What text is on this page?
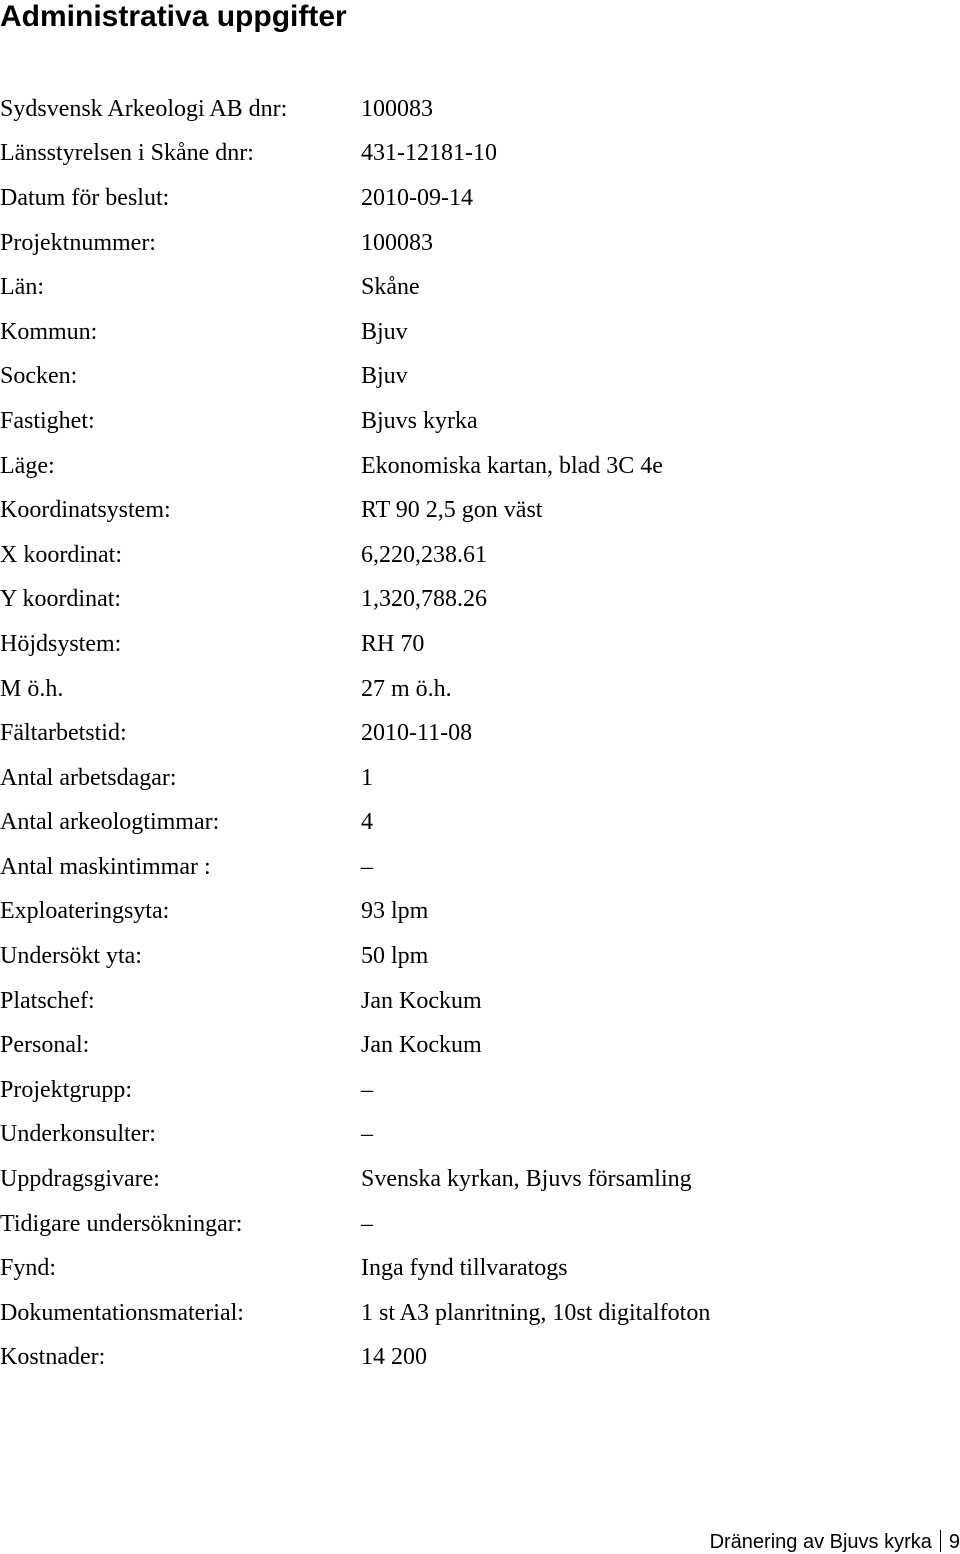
Administrativa uppgifter
Sydsvensk Arkeologi AB dnr:	100083
Länsstyrelsen i Skåne dnr:	431-12181-10
Datum för beslut:	2010-09-14
Projektnummer:	100083
Län:	Skåne
Kommun:	Bjuv
Socken:	Bjuv
Fastighet:	Bjuvs kyrka
Läge:	Ekonomiska kartan, blad 3C 4e
Koordinatsystem:	RT 90 2,5 gon väst
X koordinat:	6,220,238.61
Y koordinat:	1,320,788.26
Höjdsystem:	RH 70
M ö.h.	27 m ö.h.
Fältarbetstid:	2010-11-08
Antal arbetsdagar:	1
Antal arkeologtimmar:	4
Antal maskintimmar :	–
Exploateringsyta:	93 lpm
Undersökt yta:	50 lpm
Platschef:	Jan Kockum
Personal:	Jan Kockum
Projektgrupp:	–
Underkonsulter:	–
Uppdragsgivare:	Svenska kyrkan, Bjuvs församling
Tidigare undersökningar:	–
Fynd:	Inga fynd tillvaratogs
Dokumentationsmaterial:	1 st A3 planritning, 10st digitalfoton
Kostnader:	14 200
Dränering av Bjuvs kyrka 9
